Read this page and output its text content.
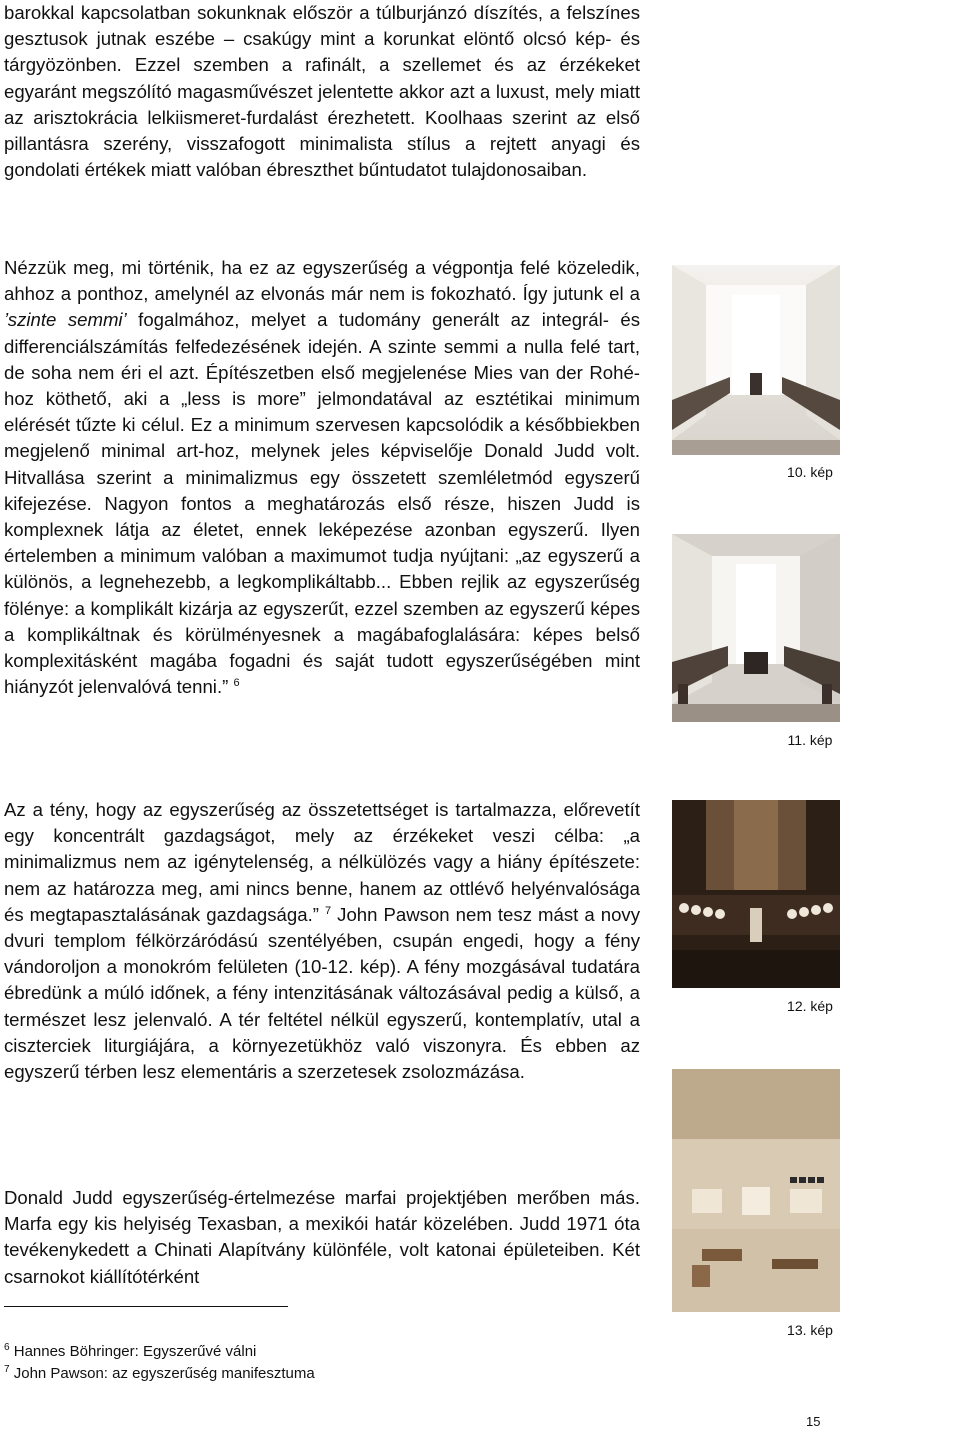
barokkal kapcsolatban sokunknak először a túlburjánzó díszítés, a felszínes gesztusok jutnak eszébe – csakúgy mint a korunkat elöntő olcsó kép- és tárgyözönben. Ezzel szemben a rafinált, a szellemet és az érzékeket egyaránt megszólító magasművészet jelentette akkor azt a luxust, mely miatt az arisztokrácia lelkiismeret-furdalást érezhetett. Koolhaas szerint az első pillantásra szerény, visszafogott minimalista stílus a rejtett anyagi és gondolati értékek miatt valóban ébreszthet bűntudatot tulajdonosaiban.

Nézzük meg, mi történik, ha ez az egyszerűség a végpontja felé közeledik, ahhoz a ponthoz, amelynél az elvonás már nem is fokozható. Így jutunk el a ’szinte semmi’ fogalmához, melyet a tudomány generált az integrál- és differenciálszámítás felfedezésének idején. A szinte semmi a nulla felé tart, de soha nem éri el azt. Építészetben első megjelenése Mies van der Rohé-hoz köthető, aki a „less is more” jelmondatával az esztétikai minimum elérését tűzte ki célul. Ez a minimum szervesen kapcsolódik a későbbiekben megjelenő minimal art-hoz, melynek jeles képviselője Donald Judd volt. Hitvallása szerint a minimalizmus egy összetett szemléletmód egyszerű kifejezése. Nagyon fontos a meghatározás első része, hiszen Judd is komplexnek látja az életet, ennek leképezése azonban egyszerű. Ilyen értelemben a minimum valóban a maximumot tudja nyújtani: „az egyszerű a különös, a legnehezebb, a legkomplikáltabb... Ebben rejlik az egyszerűség fölénye: a komplikált kizárja az egyszerűt, ezzel szemben az egyszerű képes a komplikáltnak és körülményesnek a magábafoglalására: képes belső komplexitásként magába fogadni és saját tudott egyszerűségében mint hiányzót jelenvalóvá tenni.” $^6$

Az a tény, hogy az egyszerűség az összetettséget is tartalmazza, előrevetít egy koncentrált gazdagságot, mely az érzékeket veszi célba: „a minimalizmus nem az igénytelenség, a nélkülözés vagy a hiány építészete: nem az határozza meg, ami nincs benne, hanem az ottlévő helyénvalósága és megtapasztalásának gazdagsága.” $^7$ John Pawson nem tesz mást a novy dvuri templom félkörzáródású szentélyében, csupán engedi, hogy a fény vándoroljon a monokróm felületen (10-12. kép). A fény mozgásával tudatára ébredünk a múló időnek, a fény intenzitásának változásával pedig a külső, a természet lesz jelenvaló. A tér feltétel nélkül egyszerű, kontemplatív, utal a ciszterciek liturgiájára, a környezetükhöz való viszonyra. És ebben az egyszerű térben lesz elementáris a szerzetesek zsolozmázása.

Donald Judd egyszerűség-értelmezése marfai projektjében merőben más. Marfa egy kis helyiség Texasban, a mexikói határ közelében. Judd 1971 óta tevékenykedett a Chinati Alapítvány különféle, volt katonai épületeiben. Két csarnokot kiállítótérként

10. kép
11. kép
12. kép
13. kép
$^6$ Hannes Böhringer: Egyszerűvé válni
$^7$ John Pawson: az egyszerűség manifesztuma
15
